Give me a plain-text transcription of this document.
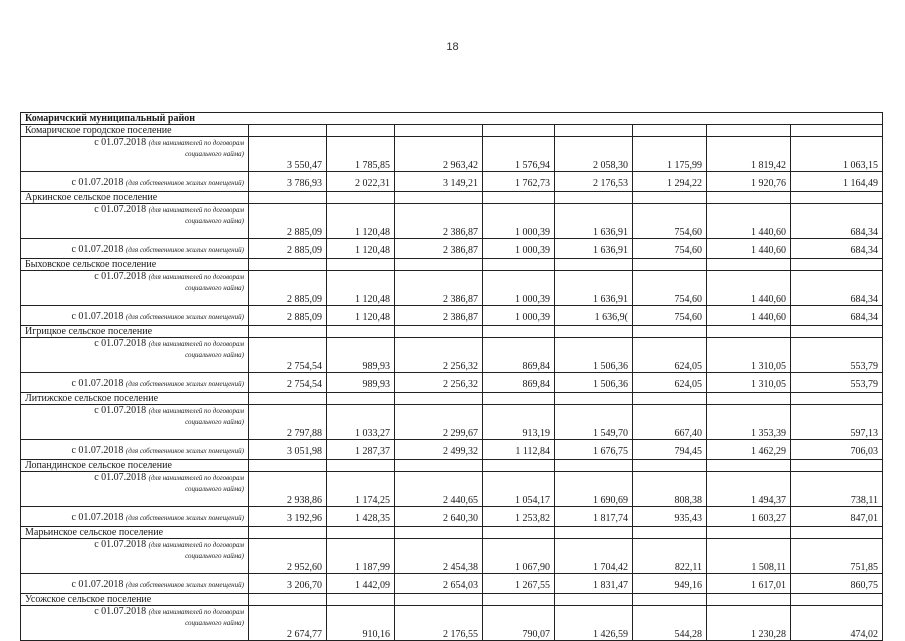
18
Комаричский муниципальный район								
Комаричское городское поселение								
с 01.07.2018 (для нанимателей по договорам
социального найма)	3 550,47	1 785,85	2 963,42	1 576,94	2 058,30	1 175,99	1 819,42	1 063,15
с 01.07.2018 (для собственников жилых помещений)	3 786,93	2 022,31	3 149,21	1 762,73	2 176,53	1 294,22	1 920,76	1 164,49
Аркинское сельское поселение								
с 01.07.2018 (для нанимателей по договорам
социального найма)	2 885,09	1 120,48	2 386,87	1 000,39	1 636,91	754,60	1 440,60	684,34
с 01.07.2018 (для собственников жилых помещений)	2 885,09	1 120,48	2 386,87	1 000,39	1 636,91	754,60	1 440,60	684,34
Быховское сельское поселение								
с 01.07.2018 (для нанимателей по договорам
социального найма)	2 885,09	1 120,48	2 386,87	1 000,39	1 636,91	754,60	1 440,60	684,34
с 01.07.2018 (для собственников жилых помещений)	2 885,09	1 120,48	2 386,87	1 000,39	1 636,9(	754,60	1 440,60	684,34
Игрицкое сельское поселение								
с 01.07.2018 (для нанимателей по договорам
социального найма)	2 754,54	989,93	2 256,32	869,84	1 506,36	624,05	1 310,05	553,79
с 01.07.2018 (для собственников жилых помещений)	2 754,54	989,93	2 256,32	869,84	1 506,36	624,05	1 310,05	553,79
Литижское сельское поселение								
с 01.07.2018 (для нанимателей по договорам
социального найма)	2 797,88	1 033,27	2 299,67	913,19	1 549,70	667,40	1 353,39	597,13
с 01.07.2018 (для собственников жилых помещений)	3 051,98	1 287,37	2 499,32	1 112,84	1 676,75	794,45	1 462,29	706,03
Лопандинское сельское поселение								
с 01.07.2018 (для нанимателей по договорам
социального найма)	2 938,86	1 174,25	2 440,65	1 054,17	1 690,69	808,38	1 494,37	738,11
с 01.07.2018 (для собственников жилых помещений)	3 192,96	1 428,35	2 640,30	1 253,82	1 817,74	935,43	1 603,27	847,01
Марьинское сельское поселение								
с 01.07.2018 (для нанимателей по договорам
социального найма)	2 952,60	1 187,99	2 454,38	1 067,90	1 704,42	822,11	1 508,11	751,85
с 01.07.2018 (для собственников жилых помещений)	3 206,70	1 442,09	2 654,03	1 267,55	1 831,47	949,16	1 617,01	860,75
Усожское сельское поселение								
с 01.07.2018 (для нанимателей по договорам
социального найма)	2 674,77	910,16	2 176,55	790,07	1 426,59	544,28	1 230,28	474,02
